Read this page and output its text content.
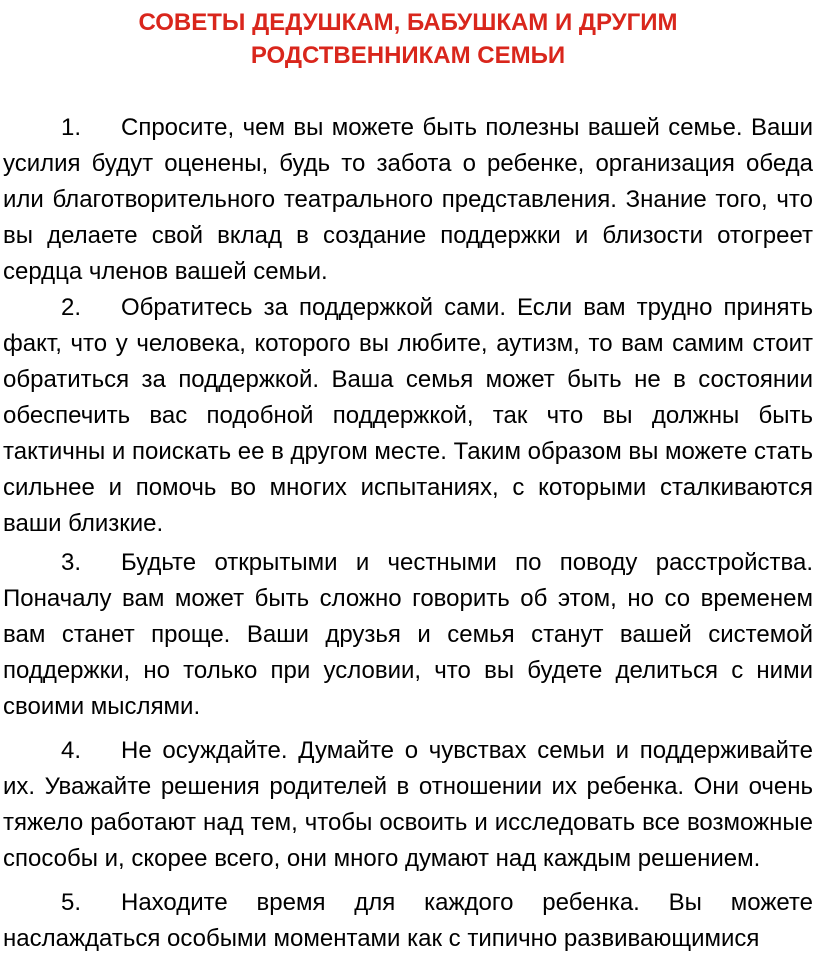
СОВЕТЫ ДЕДУШКАМ, БАБУШКАМ И ДРУГИМ
РОДСТВЕННИКАМ СЕМЬИ
1. Спросите, чем вы можете быть полезны вашей семье. Ваши усилия будут оценены, будь то забота о ребенке, организация обеда или благотворительного театрального представления. Знание того, что вы делаете свой вклад в создание поддержки и близости отогреет сердца членов вашей семьи.
2. Обратитесь за поддержкой сами. Если вам трудно принять факт, что у человека, которого вы любите, аутизм, то вам самим стоит обратиться за поддержкой. Ваша семья может быть не в состоянии обеспечить вас подобной поддержкой, так что вы должны быть тактичны и поискать ее в другом месте. Таким образом вы можете стать сильнее и помочь во многих испытаниях, с которыми сталкиваются ваши близкие.
3. Будьте открытыми и честными по поводу расстройства. Поначалу вам может быть сложно говорить об этом, но со временем вам станет проще. Ваши друзья и семья станут вашей системой поддержки, но только при условии, что вы будете делиться с ними своими мыслями.
4. Не осуждайте. Думайте о чувствах семьи и поддерживайте их. Уважайте решения родителей в отношении их ребенка. Они очень тяжело работают над тем, чтобы освоить и исследовать все возможные способы и, скорее всего, они много думают над каждым решением.
5. Находите время для каждого ребенка. Вы можете наслаждаться особыми моментами как с типично развивающимися
